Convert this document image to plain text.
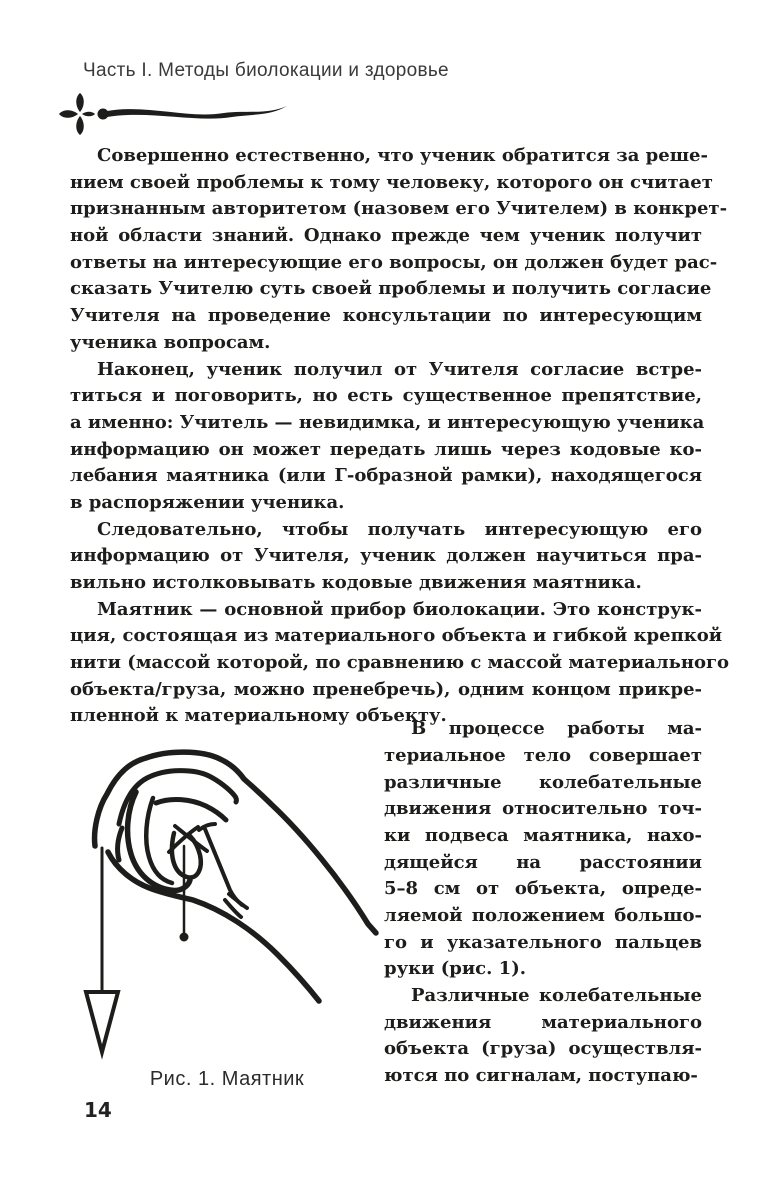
Часть I. Методы биолокации и здоровье
Совершенно естественно, что ученик обратится за реше-
нием своей проблемы к тому человеку, которого он считает
признанным авторитетом (назовем его Учителем) в конкрет-
ной области знаний. Однако прежде чем ученик получит
ответы на интересующие его вопросы, он должен будет рас-
сказать Учителю суть своей проблемы и получить согласие
Учителя на проведение консультации по интересующим
ученика вопросам.
Наконец, ученик получил от Учителя согласие встре-
титься и поговорить, но есть существенное препятствие,
а именно: Учитель — невидимка, и интересующую ученика
информацию он может передать лишь через кодовые ко-
лебания маятника (или Г-образной рамки), находящегося
в распоряжении ученика.
Следовательно, чтобы получать интересующую его
информацию от Учителя, ученик должен научиться пра-
вильно истолковывать кодовые движения маятника.
Маятник — основной прибор биолокации. Это конструк-
ция, состоящая из материального объекта и гибкой крепкой
нити (массой которой, по сравнению с массой материального
объекта/груза, можно пренебречь), одним концом прикре-
пленной к материальному объекту.
Рис. 1. Маятник
В процессе работы ма-
териальное тело совершает
различные колебательные
движения относительно точ-
ки подвеса маятника, нахо-
дящейся на расстоянии
5–8 см от объекта, опреде-
ляемой положением большо-
го и указательного пальцев
руки (рис. 1).
Различные колебательные
движения материального
объекта (груза) осуществля-
ются по сигналам, поступаю-
14
